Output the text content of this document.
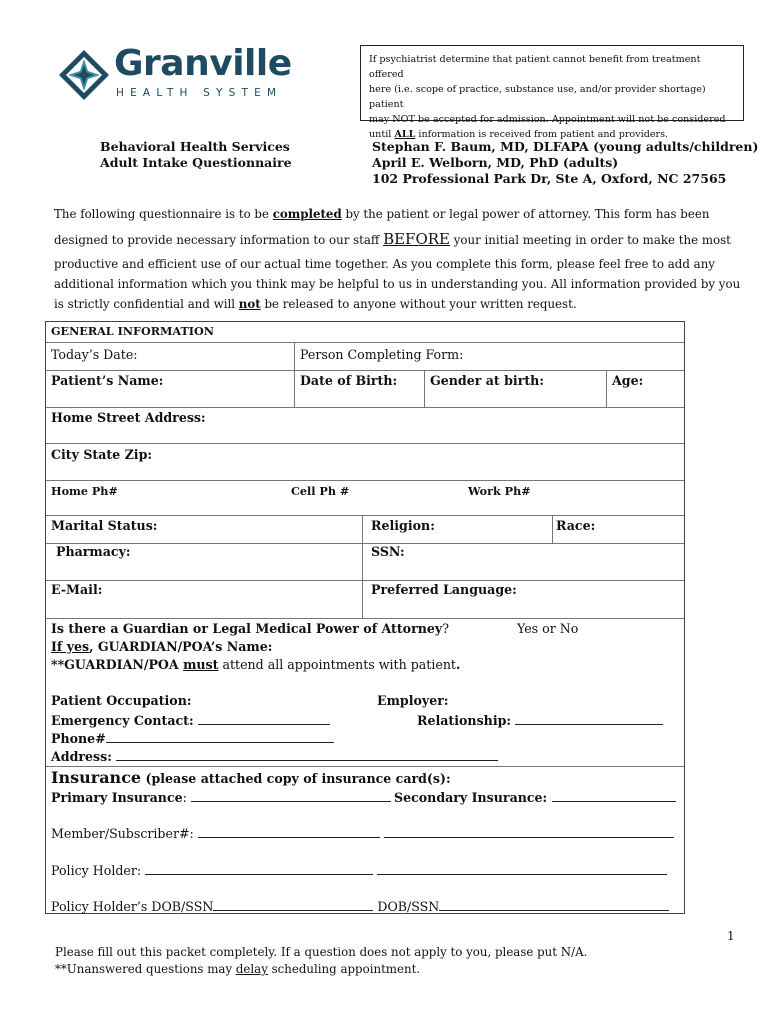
Granville
HEALTH SYSTEM
If psychiatrist determine that patient cannot benefit from treatment offered
here (i.e. scope of practice, substance use, and/or provider shortage) patient
may NOT be accepted for admission. Appointment will not be considered
until ALL information is received from patient and providers.
Behavioral Health Services
Adult Intake Questionnaire
Stephan F. Baum, MD, DLFAPA (young adults/children)
April E. Welborn, MD, PhD (adults)
102 Professional Park Dr, Ste A, Oxford, NC 27565
The following questionnaire is to be completed by the patient or legal power of attorney. This form has been
designed to provide necessary information to our staff BEFORE your initial meeting in order to make the most
productive and efficient use of our actual time together. As you complete this form, please feel free to add any
additional information which you think may be helpful to us in understanding you. All information provided by you
is strictly confidential and will not be released to anyone without your written request.
GENERAL INFORMATION
Today’s Date:	Person Completing Form:
Patient’s Name:	Date of Birth:	Gender at birth:	Age:
Home Street Address:
City State Zip:
Home Ph#	Cell Ph #	Work Ph#
Marital Status:	Religion:	Race:
Pharmacy:	SSN:
E-Mail:	Preferred Language:
Is there a Guardian or Legal Medical Power of Attorney?	Yes or No
If yes, GUARDIAN/POA’s Name:
**GUARDIAN/POA must attend all appointments with patient.
Patient Occupation:	Employer:
Emergency Contact:	Relationship:
Phone#
Address:
Insurance (please attached copy of insurance card(s):
Primary Insurance:	Secondary Insurance:
Member/Subscriber#:
Policy Holder:
Policy Holder’s DOB/SSN	DOB/SSN
1
Please fill out this packet completely. If a question does not apply to you, please put N/A.
**Unanswered questions may delay scheduling appointment.
